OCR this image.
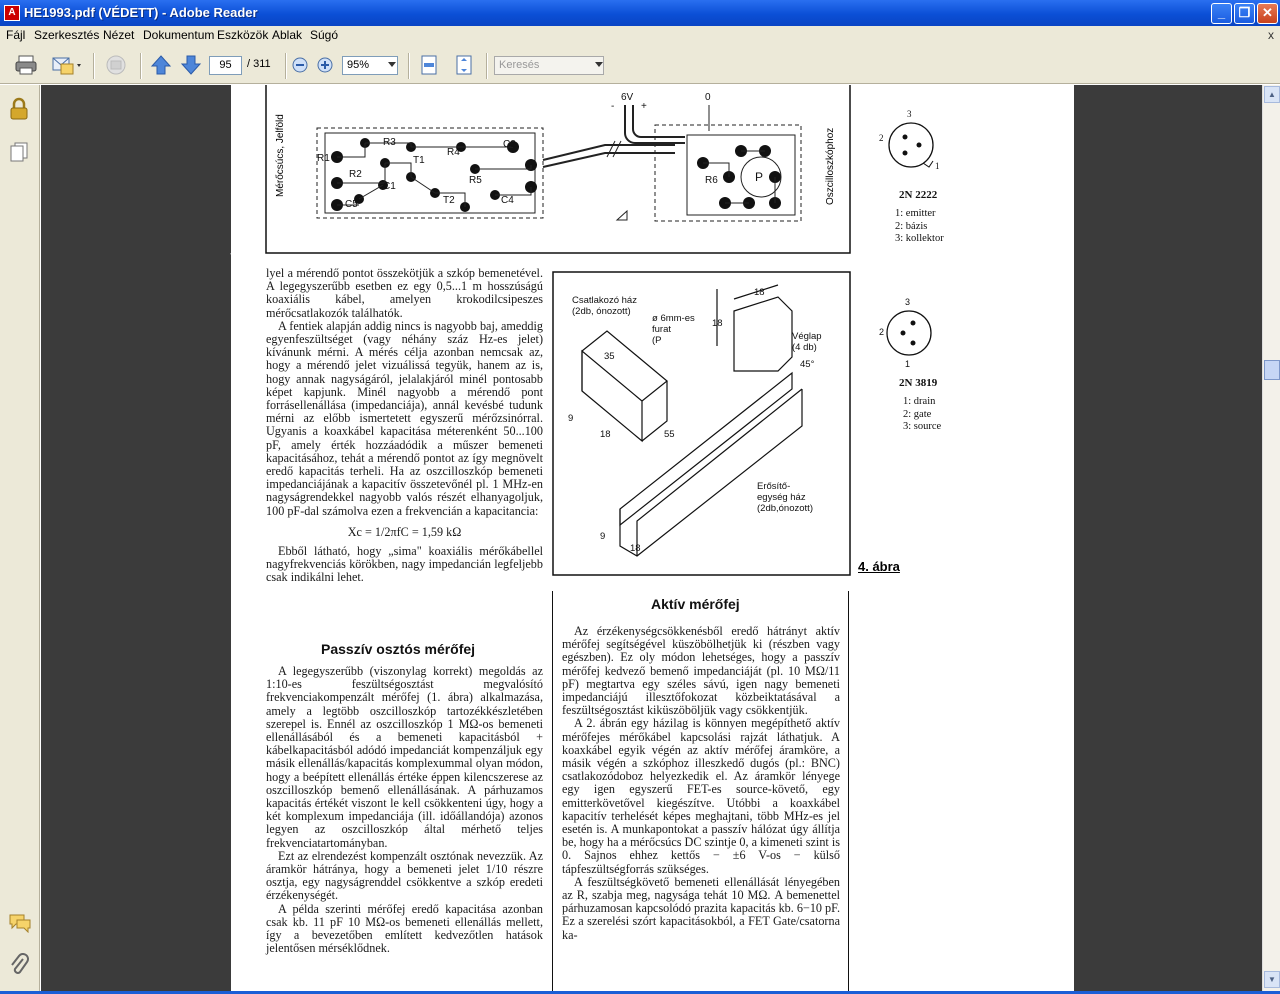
A HE1993.pdf (VÉDETT) - Adobe Reader	_	❐ ✕
Fájl Szerkesztés Nézet Dokumentum Eszközök Ablak Súgó	x
95	/ 311	95%	Keresés
Mérőcsúcs, Jelföld	Oszcilloszkóphoz
6V	0
+
-
R1
R2
R3
R4
R5	R6
C1
C2
C4
C5
P
T2
T1

lyel a mérendő pontot összekötjük a szkóp bemenetével. A legegyszerűbb esetben ez egy 0,5...1 m hosszúságú koaxiális kábel, amelyen krokodilcsipeszes mérőcsatlakozók találhatók.

A fentiek alapján addig nincs is nagyobb baj, ameddig egyenfeszültséget (vagy néhány száz Hz-es jelet) kívánunk mérni. A mérés célja azonban nemcsak az, hogy a mérendő jelet vizuálissá tegyük, hanem az is, hogy annak nagyságáról, jelalakjáról minél pontosabb képet kapjunk. Minél nagyobb a mérendő pont forrásellenállása (impedanciája), annál kevésbé tudunk mérni az előbb ismertetett egyszerű mérőzsinórral. Ugyanis a koaxkábel kapacitása méterenként 50...100 pF, amely érték hozzáadódik a műszer bemeneti kapacitásához, tehát a mérendő pontot az így megnövelt eredő kapacitás terheli. Ha az oszcilloszkóp bemeneti impedanciájának a kapacitív összetevőnél pl. 1 MHz-en nagyságrendekkel nagyobb valós részét elhanyagoljuk, 100 pF-dal számolva ezen a frekvencián a kapacitancia:

Xc = 1/2πfC = 1,59 kΩ

Ebből látható, hogy „sima" koaxiális mérőkábellel nagyfrekvenciás körökben, nagy impedancián legfeljebb csak indikálni lehet.

Passzív osztós mérőfej

A legegyszerűbb (viszonylag korrekt) megoldás az 1:10-es feszültségosztást megvalósító frekvenciakompenzált mérőfej (1. ábra) alkalmazása, amely a legtöbb oszcilloszkóp tartozékkészletében szerepel is. Ennél az oszcilloszkóp 1 MΩ-os bemeneti ellenállásából és a bemeneti kapacitásból + kábelkapacitásból adódó impedanciát kompenzáljuk egy másik ellenállás/kapacitás komplexummal olyan módon, hogy a beépített ellenállás értéke éppen kilencszerese az oszcilloszkóp bemenő ellenállásának. A párhuzamos kapacitás értékét viszont le kell csökkenteni úgy, hogy a két komplexum impedanciája (ill. időállandója) azonos legyen az oszcilloszkóp által mérhető teljes frekvenciatartományban.

Ezt az elrendezést kompenzált osztónak nevezzük. Az áramkör hátránya, hogy a bemeneti jelet 1/10 részre osztja, egy nagyságrenddel csökkentve a szkóp eredeti érzékenységét.

A példa szerinti mérőfej eredő kapacitása azonban csak kb. 11 pF 10 MΩ-os bemeneti ellenállás mellett, így a bevezetőben említett kedvezőtlen hatások jelentősen mérséklődnek.

Csatlakozó ház (2db, ónozott)
ø 6mm-es furat (P	Véglap (4 db)
45°
Erősítő-egység ház (2db,ónozott)
18
18
18
18
35
55
9
9
4. ábra
Aktív mérőfej

Az érzékenységcsökkenésből eredő hátrányt aktív mérőfej segítségével küszöbölhetjük ki (részben vagy egészben). Ez oly módon lehetséges, hogy a passzív mérőfej kedvező bemenő impedanciáját (pl. 10 MΩ/11 pF) megtartva egy széles sávú, igen nagy bemeneti impedanciájú illesztőfokozat közbeiktatásával a feszültségosztást kiküszöböljük vagy csökkentjük.

A 2. ábrán egy házilag is könnyen megépíthető aktív mérőfejes mérőkábel kapcsolási rajzát láthatjuk. A koaxkábel egyik végén az aktív mérőfej áramköre, a másik végén a szkóphoz illeszkedő dugós (pl.: BNC) csatlakozódoboz helyezkedik el. Az áramkör lényege egy igen egyszerű FET-es source-követő, egy emitterkövetővel kiegészítve. Utóbbi a koaxkábel kapacitív terhelését képes meghajtani, több MHz-es jel esetén is. A munkapontokat a passzív hálózat úgy állítja be, hogy ha a mérőcsúcs DC szintje 0, a kimeneti szint is 0. Sajnos ehhez kettős − ±6 V-os − külső tápfeszültségforrás szükséges.

A feszültségkövető bemeneti ellenállását lényegében az R, szabja meg, nagysága tehát 10 MΩ. A bemenettel párhuzamosan kapcsolódó prazita kapacitás kb. 6−10 pF. Ez a szerelési szórt kapacitásokból, a FET Gate/csatorna ka-

3
2
1
2N 2222
1: emitter
2: bázis
3: kollektor
3
2
1
2N 3819
1: drain
2: gate
3: source
▲
▼
